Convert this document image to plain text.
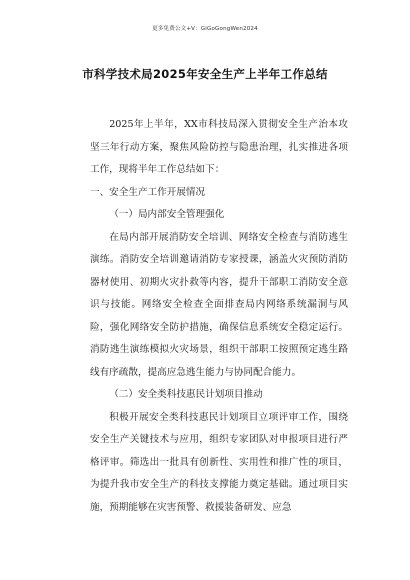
更多免费公文+V：GiGoGongWen2024
市科学技术局2025年安全生产上半年工作总结

2025年上半年，XX市科技局深入贯彻安全生产治本攻坚三年行动方案，聚焦风险防控与隐患治理，扎实推进各项工作，现将半年工作总结如下：

一、安全生产工作开展情况

（一）局内部安全管理强化

在局内部开展消防安全培训、网络安全检查与消防逃生演练。消防安全培训邀请消防专家授课，涵盖火灾预防消防器材使用、初期火灾扑救等内容，提升干部职工消防安全意识与技能。网络安全检查全面排查局内网络系统漏洞与风险，强化网络安全防护措施，确保信息系统安全稳定运行。消防逃生演练模拟火灾场景，组织干部职工按照预定逃生路线有序疏散，提高应急逃生能力与协同配合能力。

（二）安全类科技惠民计划项目推动

积极开展安全类科技惠民计划项目立项评审工作，围绕安全生产关键技术与应用，组织专家团队对申报项目进行严格评审。筛选出一批具有创新性、实用性和推广性的项目，为提升我市安全生产的科技支撑能力奠定基础。通过项目实施，预期能够在灾害预警、救援装备研发、应急
